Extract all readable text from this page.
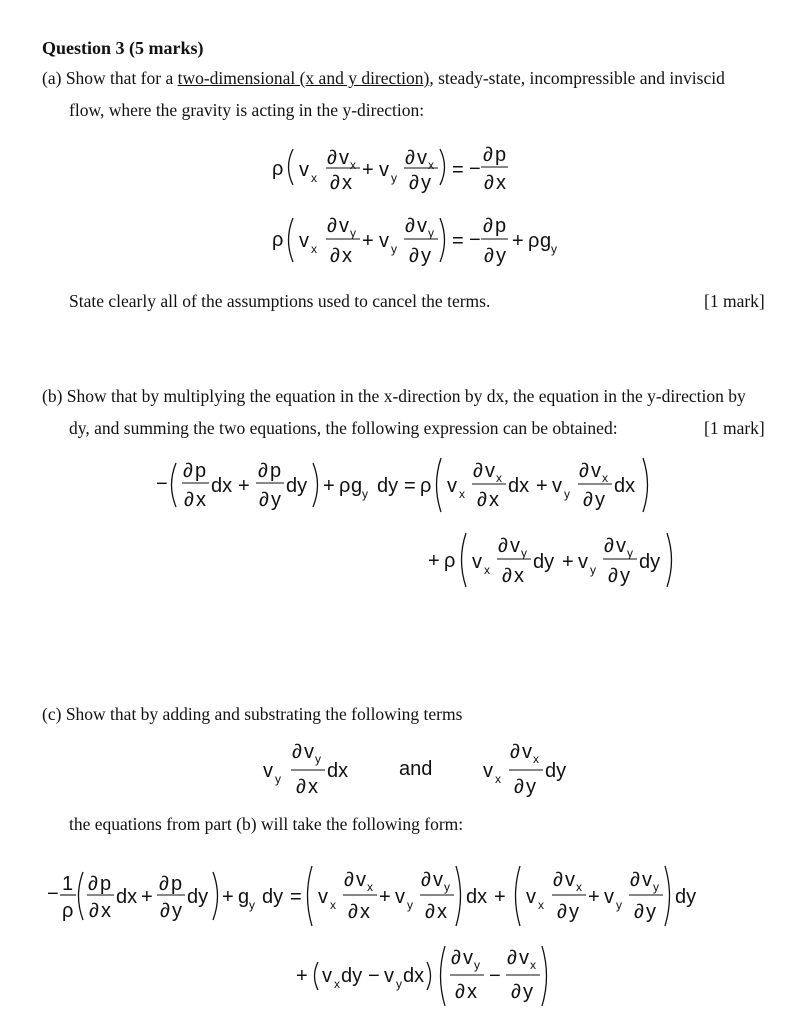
Question 3 (5 marks)
(a) Show that for a two-dimensional (x and y direction), steady-state, incompressible and inviscid
flow, where the gravity is acting in the y-direction:
ρ v x
∂ v x
∂ x
+ v y
∂ v x
∂ y
= −
∂ p
∂ x
ρ v x
∂ v y
∂ x
+ v y
∂ v y
∂ y
= −
∂ p
∂ y
+ ρ g y
State clearly all of the assumptions used to cancel the terms.	[1 mark]
(b) Show that by multiplying the equation in the x-direction by dx, the equation in the y-direction by
dy, and summing the two equations, the following expression can be obtained:	[1 mark]
−
∂ p
∂ x
dx +
∂ p
∂ y
dy + ρ g y dy = ρ v x
∂ v x
∂ x
dx + v y
∂ v x
∂ y
dx
+ ρ v x
∂ v y
∂ x
dy + v y
∂ v y
∂ y
dy
(c) Show that by adding and substrating the following terms
v y
∂ v y
∂ x
dx	and	v x
∂ v x
∂ y
dy
the equations from part (b) will take the following form:
− 1
ρ
∂ p
∂ x
dx +
∂ p
∂ y
dy + g y dy = v x
∂ v x
∂ x
+ v y
∂ v y
∂ x
dx + v x
∂ v x
∂ y
+ v y
∂ v y
∂ y
dy
+ v x dy − v y dx
∂ v y
∂ x
−
∂ v x
∂ y
